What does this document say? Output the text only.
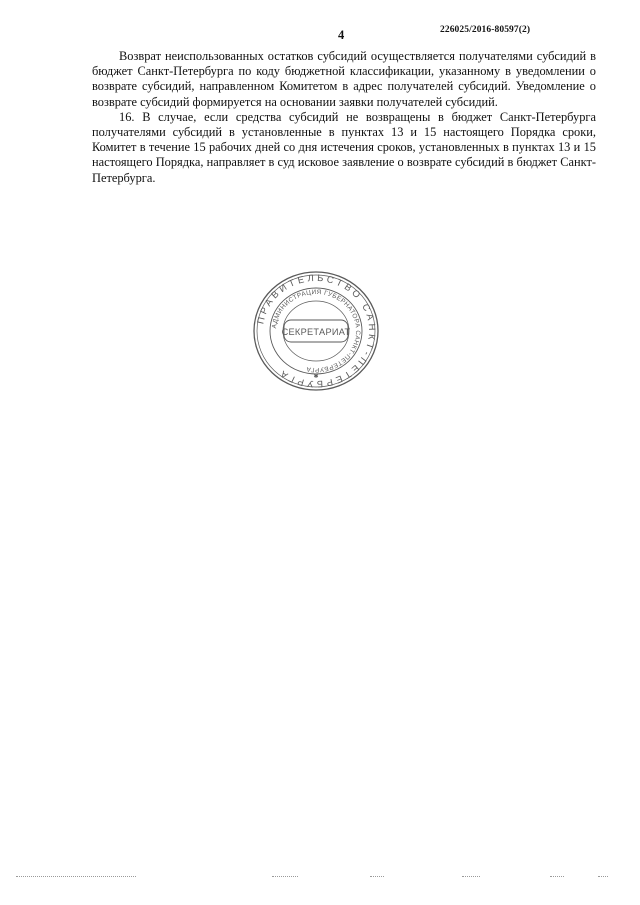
4	226025/2016-80597(2)

Возврат неиспользованных остатков субсидий осуществляется получателями субсидий в бюджет Санкт-Петербурга по коду бюджетной классификации, указанному в уведомлении о возврате субсидий, направленном Комитетом в адрес получателей субсидий. Уведомление о возврате субсидий формируется на основании заявки получателей субсидий.

16. В случае, если средства субсидий не возвращены в бюджет Санкт-Петербурга получателями субсидий в установленные в пунктах 13 и 15 настоящего Порядка сроки, Комитет в течение 15 рабочих дней со дня истечения сроков, установленных в пунктах 13 и 15 настоящего Порядка, направляет в суд исковое заявление о возврате субсидий в бюджет Санкт-Петербурга.

ПРАВИТЕЛЬСТВО САНКТ-ПЕТЕРБУРГА
АДМИНИСТРАЦИЯ ГУБЕРНАТОРА САНКТ-ПЕТЕРБУРГА
СЕКРЕТАРИАТ
✱
